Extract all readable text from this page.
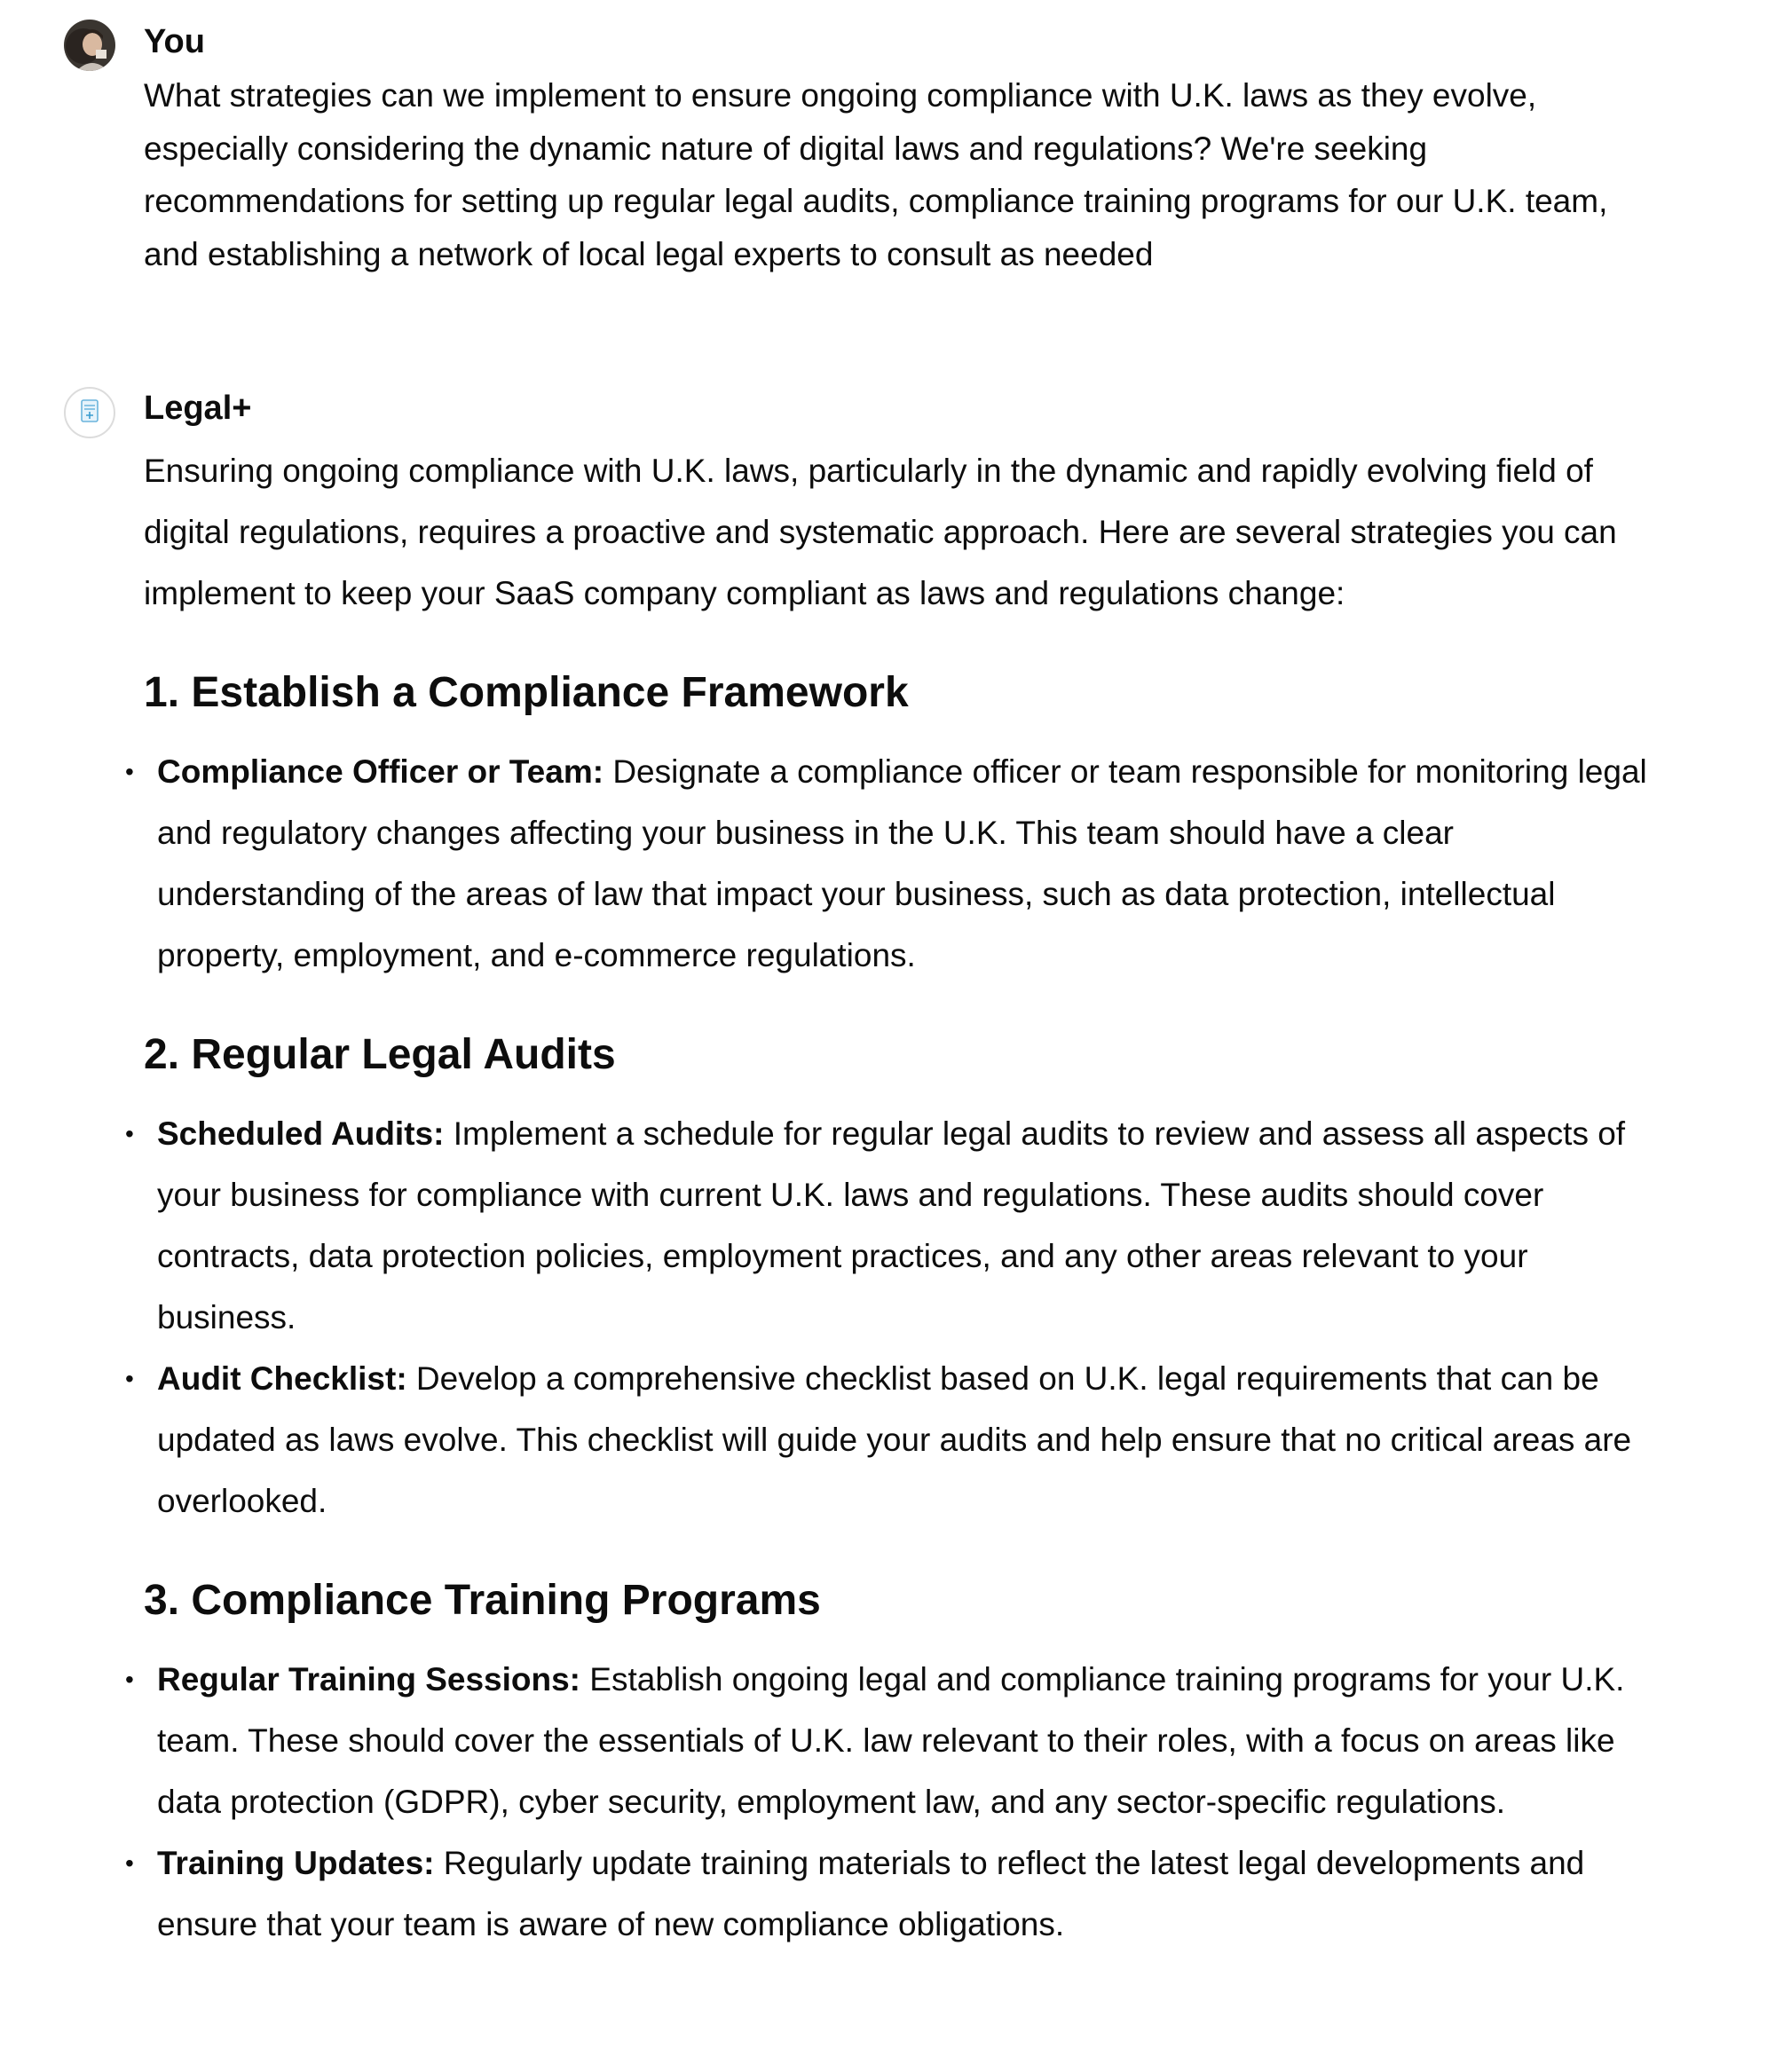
You

What strategies can we implement to ensure ongoing compliance with U.K. laws as they evolve, especially considering the dynamic nature of digital laws and regulations? We're seeking recommendations for setting up regular legal audits, compliance training programs for our U.K. team, and establishing a network of local legal experts to consult as needed

Legal+

Ensuring ongoing compliance with U.K. laws, particularly in the dynamic and rapidly evolving field of digital regulations, requires a proactive and systematic approach. Here are several strategies you can implement to keep your SaaS company compliant as laws and regulations change:

1. Establish a Compliance Framework
• Compliance Officer or Team: Designate a compliance officer or team responsible for monitoring legal and regulatory changes affecting your business in the U.K. This team should have a clear understanding of the areas of law that impact your business, such as data protection, intellectual property, employment, and e-commerce regulations.
2. Regular Legal Audits
• Scheduled Audits: Implement a schedule for regular legal audits to review and assess all aspects of your business for compliance with current U.K. laws and regulations. These audits should cover contracts, data protection policies, employment practices, and any other areas relevant to your business.
• Audit Checklist: Develop a comprehensive checklist based on U.K. legal requirements that can be updated as laws evolve. This checklist will guide your audits and help ensure that no critical areas are overlooked.
3. Compliance Training Programs
• Regular Training Sessions: Establish ongoing legal and compliance training programs for your U.K. team. These should cover the essentials of U.K. law relevant to their roles, with a focus on areas like data protection (GDPR), cyber security, employment law, and any sector-specific regulations.
• Training Updates: Regularly update training materials to reflect the latest legal developments and ensure that your team is aware of new compliance obligations.
